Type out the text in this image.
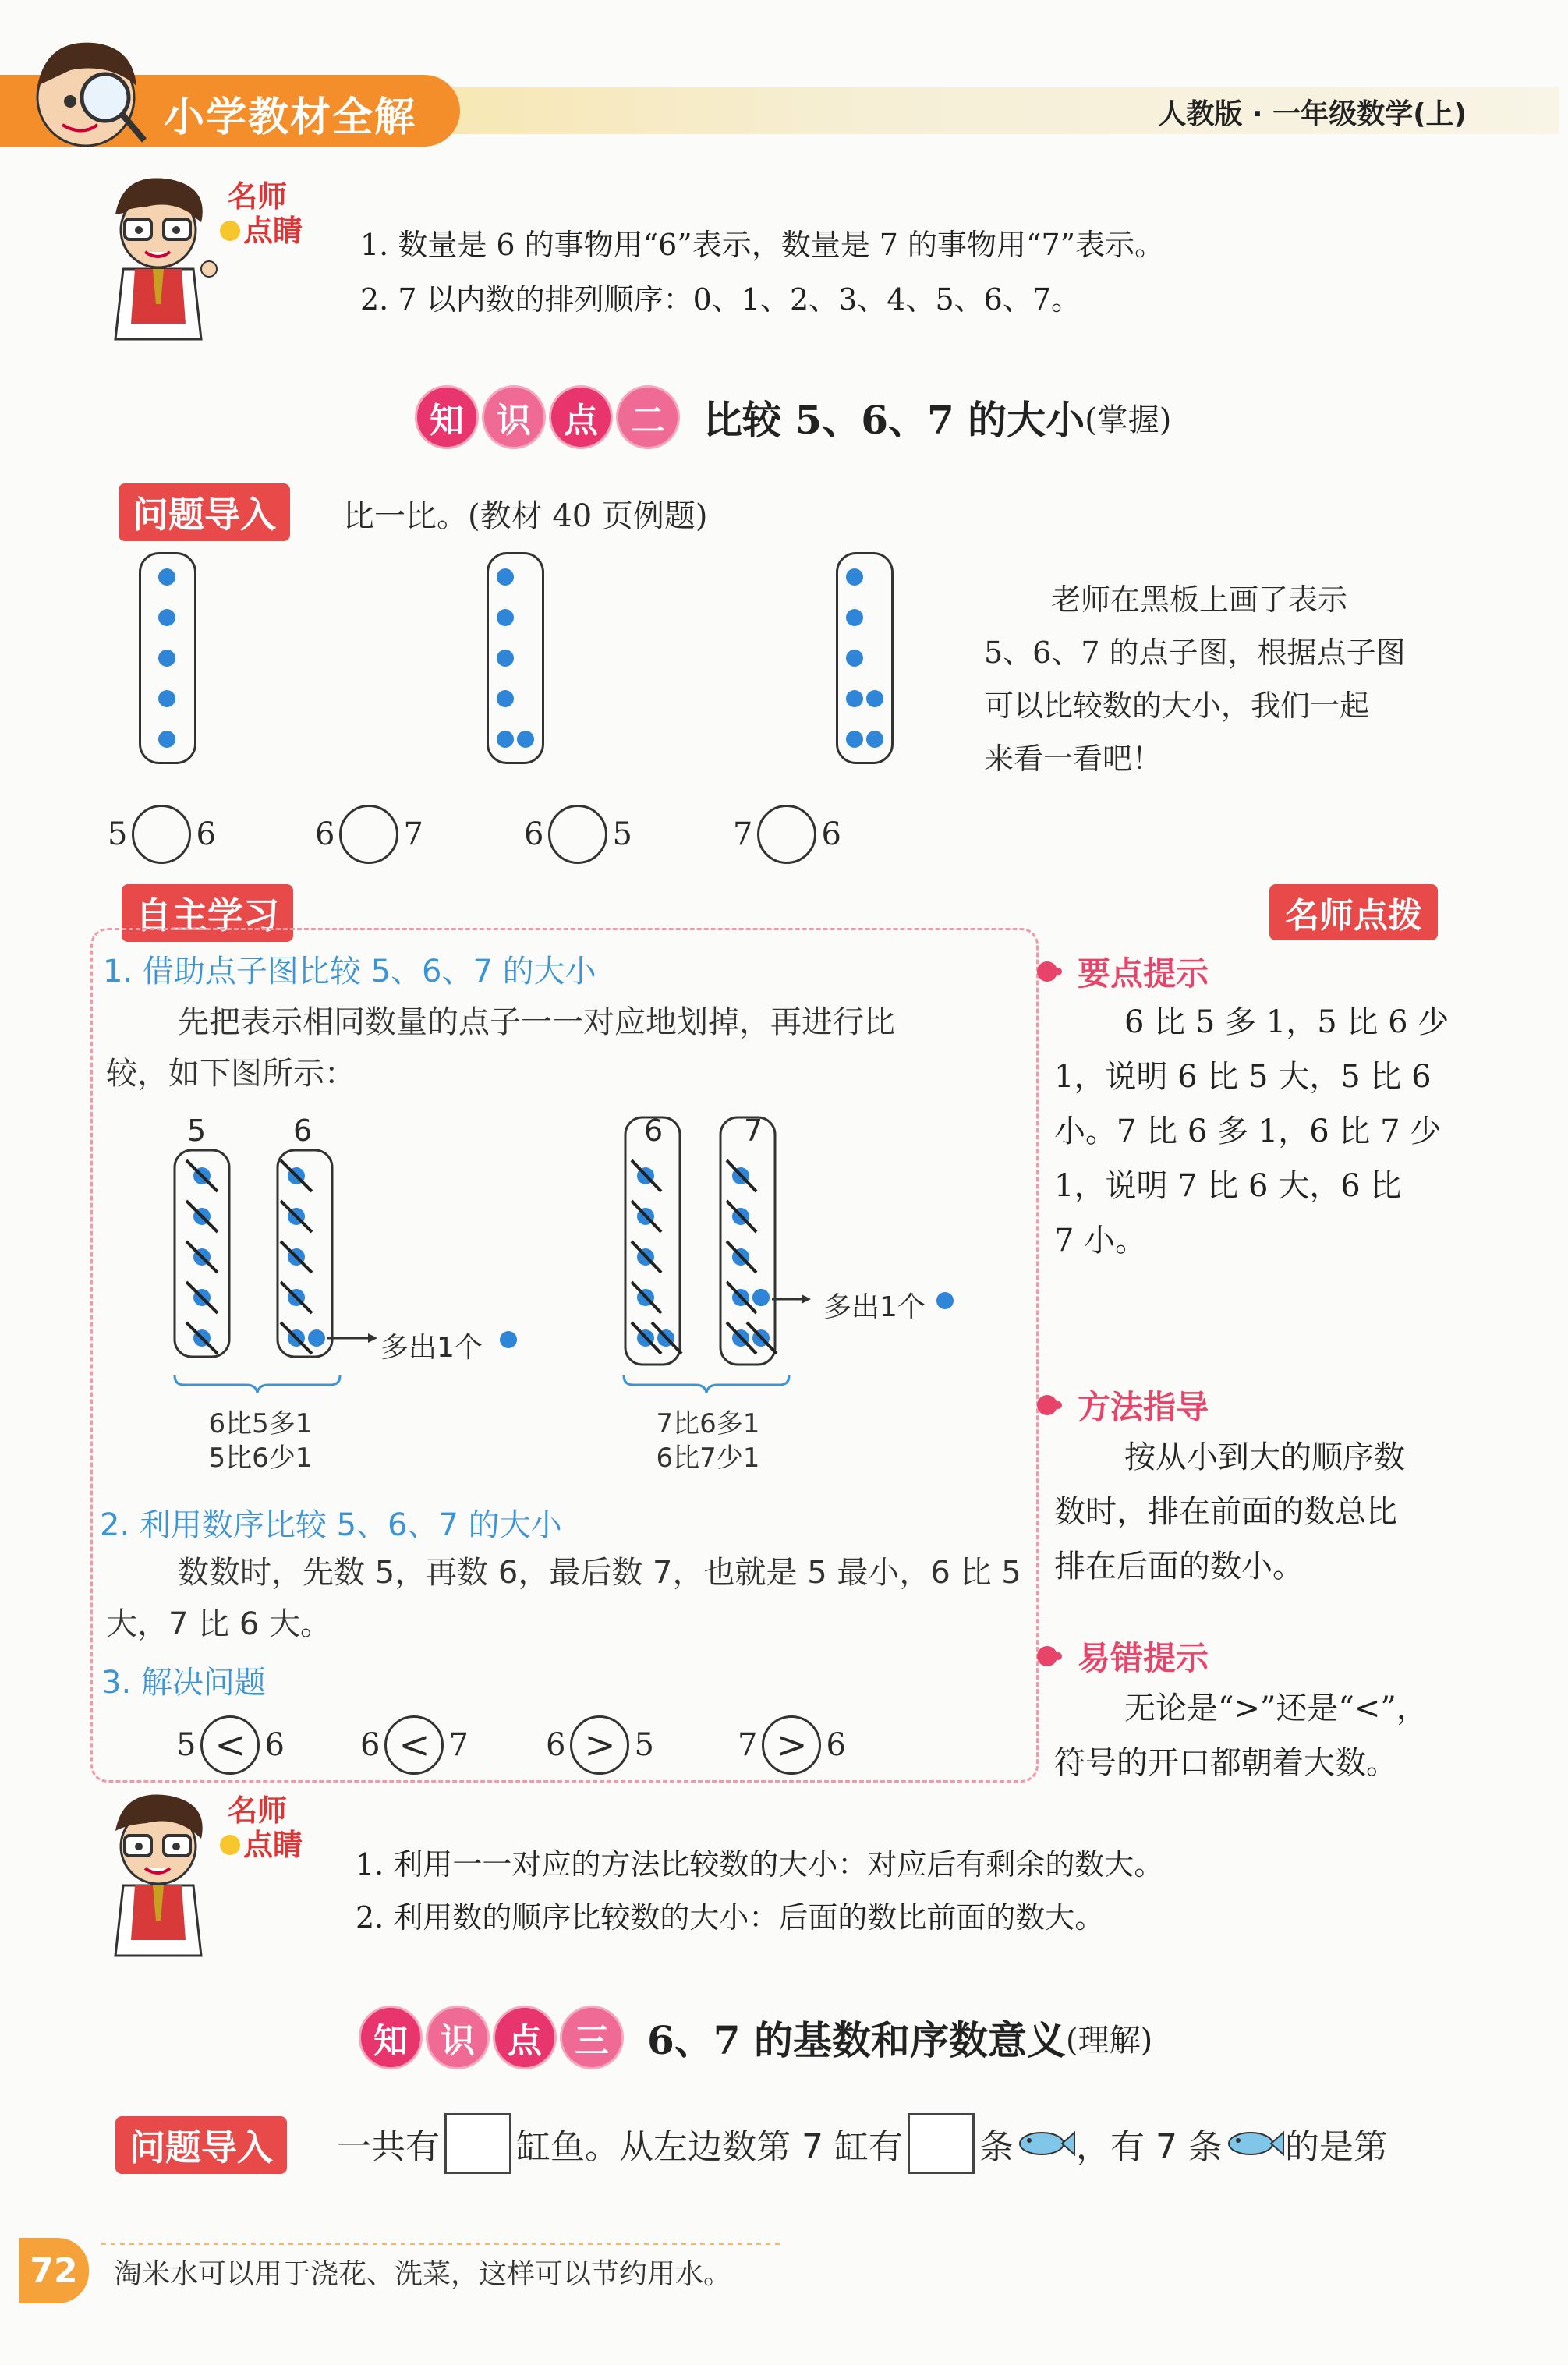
小学教材全解	人教版 · 一年级数学(上)
名师
点睛 1. 数量是 6 的事物用“6”表示，数量是 7 的事物用“7”表示。
2. 7 以内数的排列顺序：0、1、2、3、4、5、6、7。
知 识 点 二 比较 5、6、7 的大小 (掌握)
问题导入	比一比。(教材 40 页例题)
老师在黑板上画了表示
5、6、7 的点子图，根据点子图
可以比较数的大小，我们一起
来看一看吧！
5 6	6 7	6 5	7 6
自主学习	名师点拨
1. 借助点子图比较 5、6、7 的大小
先把表示相同数量的点子一一对应地划掉，再进行比
较，如下图所示：
5	6
多出1个
6比5多1
5比6少1
6	7
多出1个
7比6多1
6比7少1
2. 利用数序比较 5、6、7 的大小
数数时，先数 5，再数 6，最后数 7，也就是 5 最小，6 比 5
大，7 比 6 大。
3. 解决问题
5 < 6 6 < 7 6 > 5	7 > 6
要点提示
6 比 5 多 1，5 比 6 少
1，说明 6 比 5 大，5 比 6
小。7 比 6 多 1，6 比 7 少
1，说明 7 比 6 大，6 比
7 小。
方法指导
按从小到大的顺序数
数时，排在前面的数总比
排在后面的数小。
易错提示
无论是“>”还是“<”，
符号的开口都朝着大数。
名师
点睛
1. 利用一一对应的方法比较数的大小：对应后有剩余的数大。
2. 利用数的顺序比较数的大小：后面的数比前面的数大。
知 识 点 三 6、7 的基数和序数意义 (理解)
问题导入	一共有 缸鱼。从左边数第 7 缸有 条 ，有 7 条 的是第
72	淘米水可以用于浇花、洗菜，这样可以节约用水。
